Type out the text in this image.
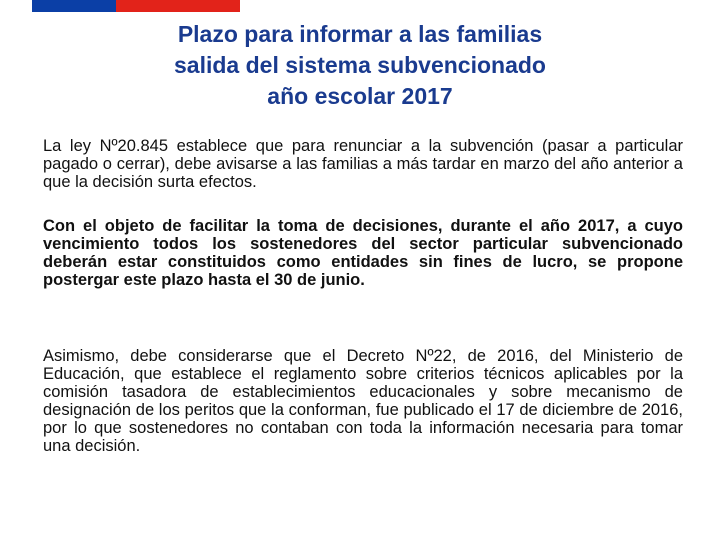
Plazo para informar a las familias
salida del sistema subvencionado
año escolar 2017

La ley Nº20.845 establece que para renunciar a la subvención (pasar a particular pagado o cerrar), debe avisarse a las familias a más tardar en marzo del año anterior a que la decisión surta efectos.

Con el objeto de facilitar la toma de decisiones, durante el año 2017, a cuyo vencimiento todos los sostenedores del sector particular subvencionado deberán estar constituidos como entidades sin fines de lucro, se propone postergar este plazo hasta el 30 de junio.

Asimismo, debe considerarse que el Decreto Nº22, de 2016, del Ministerio de Educación, que establece el reglamento sobre criterios técnicos aplicables por la comisión tasadora de establecimientos educacionales y sobre mecanismo de designación de los peritos que la conforman, fue publicado el 17 de diciembre de 2016, por lo que sostenedores no contaban con toda la información necesaria para tomar una decisión.
